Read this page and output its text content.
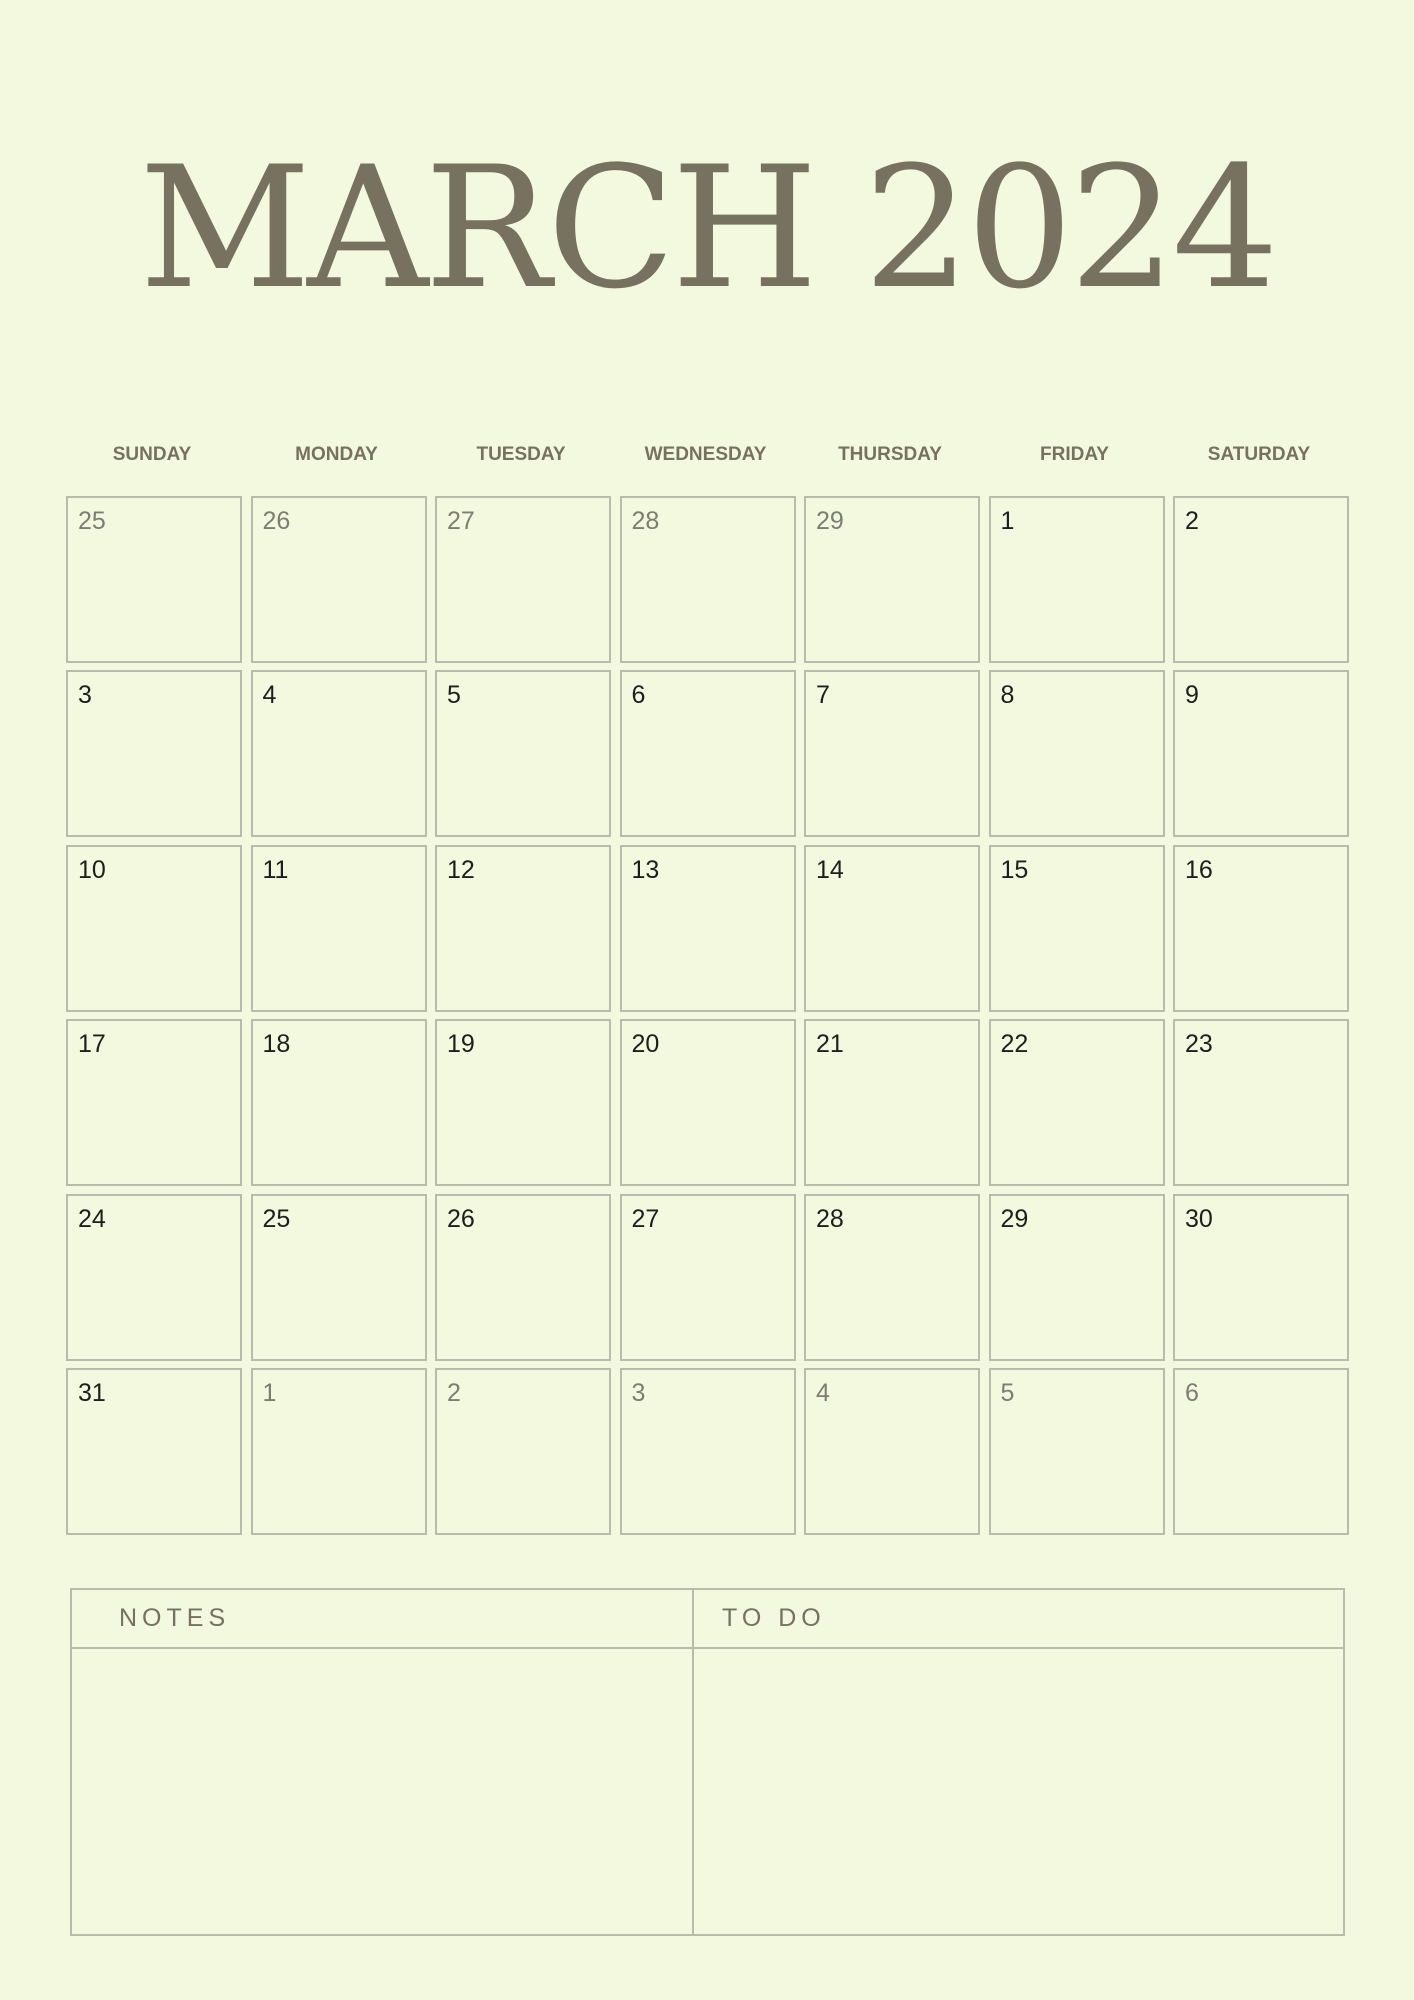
MARCH 2024
SUNDAY	MONDAY	TUESDAY	WEDNESDAY	THURSDAY	FRIDAY	SATURDAY
25	26	27	28	29	1	2
3	4	5	6	7	8	9
10	11	12	13	14	15	16
17	18	19	20	21	22	23
24	25	26	27	28	29	30
31	1	2	3	4	5	6
NOTES	TO DO
